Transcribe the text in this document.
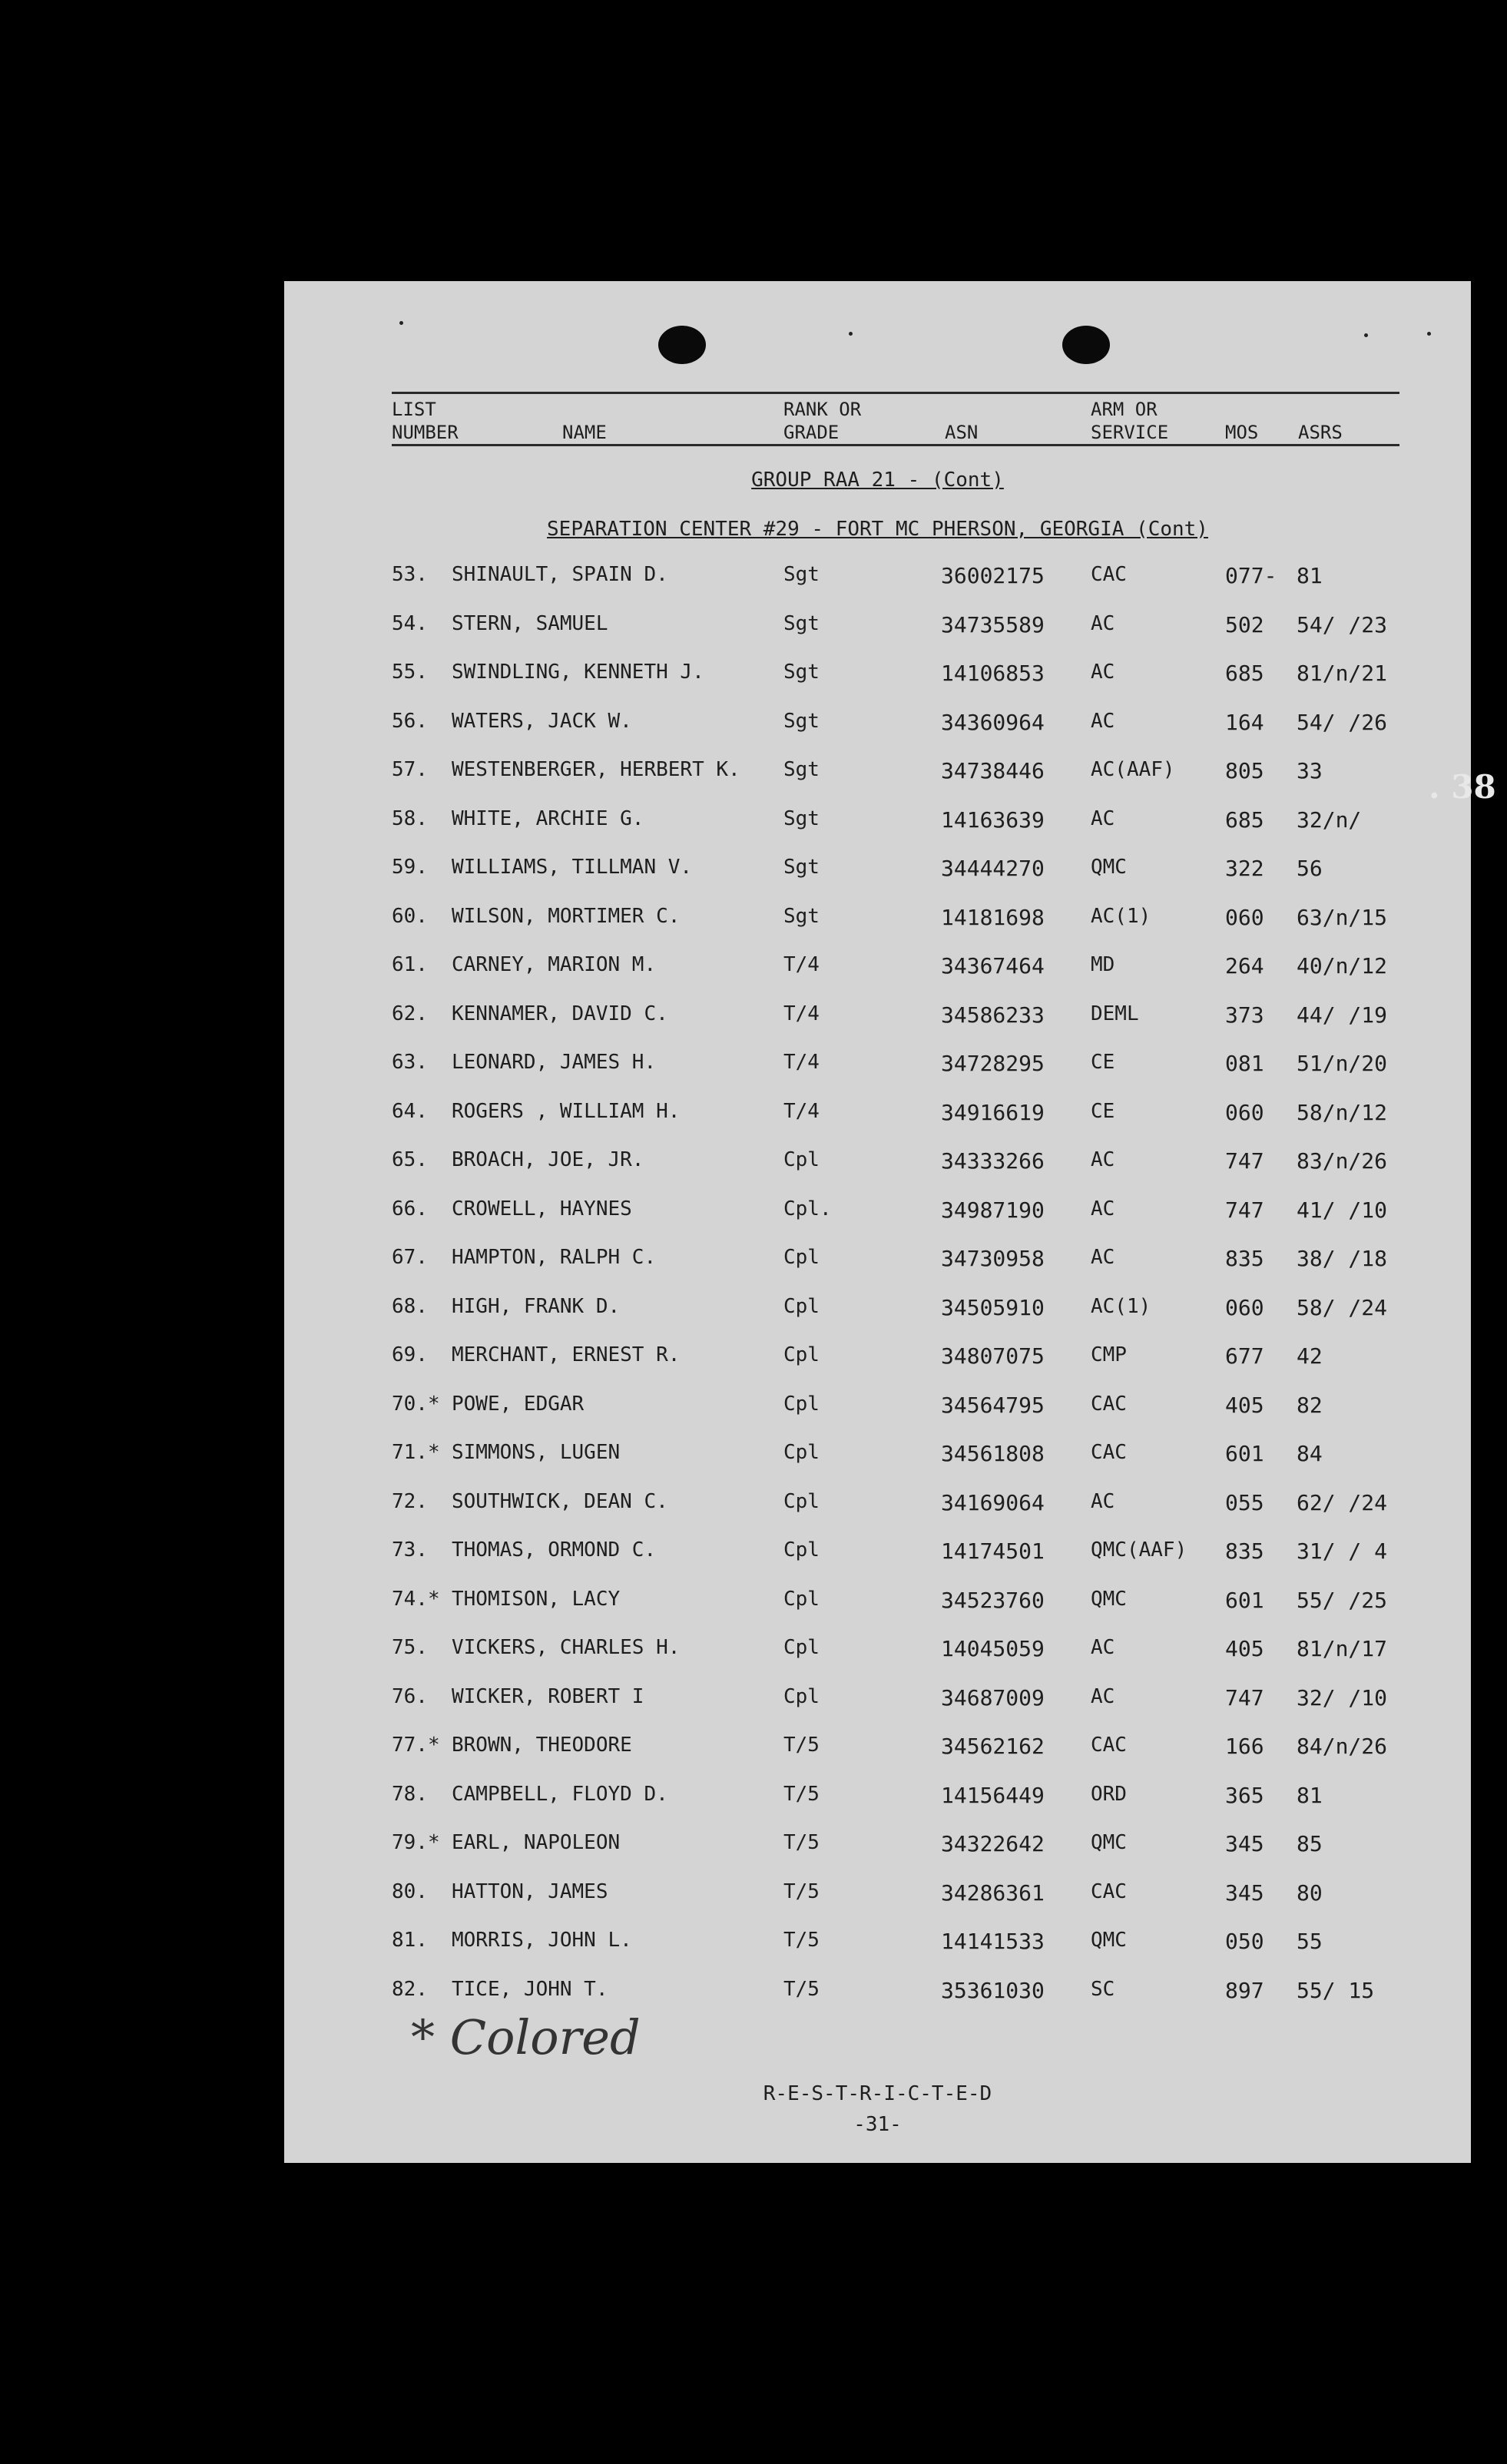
LIST
NUMBER	NAME
RANK OR
GRADE	ASN
ARM OR
SERVICE	MOS ASRS
GROUP RAA 21 - (Cont)
SEPARATION CENTER #29 - FORT MC PHERSON, GEORGIA (Cont)
53. SHINAULT, SPAIN D.	Sgt	36002175 CAC	077- 81
54. STERN, SAMUEL	Sgt	34735589 AC	502 54/ /23
55. SWINDLING, KENNETH J.	Sgt	14106853 AC	685 81/n/21
56. WATERS, JACK W.	Sgt	34360964 AC	164 54/ /26
57. WESTENBERGER, HERBERT K. Sgt	34738446 AC(AAF) 805 33
58. WHITE, ARCHIE G.	Sgt	14163639 AC	685 32/n/
59. WILLIAMS, TILLMAN V.	Sgt	34444270 QMC	322 56
60. WILSON, MORTIMER C.	Sgt	14181698 AC(1)	060 63/n/15
61. CARNEY, MARION M.	T/4	34367464 MD	264 40/n/12
62. KENNAMER, DAVID C.	T/4	34586233 DEML	373 44/ /19
63. LEONARD, JAMES H.	T/4	34728295 CE	081 51/n/20
64. ROGERS , WILLIAM H.	T/4	34916619 CE	060 58/n/12
65. BROACH, JOE, JR.	Cpl	34333266 AC	747 83/n/26
66. CROWELL, HAYNES	Cpl.	34987190 AC	747 41/ /10
67. HAMPTON, RALPH C.	Cpl	34730958 AC	835 38/ /18
68. HIGH, FRANK D.	Cpl	34505910 AC(1)	060 58/ /24
69. MERCHANT, ERNEST R.	Cpl	34807075 CMP	677 42
70.* POWE, EDGAR	Cpl	34564795 CAC	405 82
71.* SIMMONS, LUGEN	Cpl	34561808 CAC	601 84
72. SOUTHWICK, DEAN C.	Cpl	34169064 AC	055 62/ /24
73. THOMAS, ORMOND C.	Cpl	14174501 QMC(AAF) 835 31/ / 4
74.* THOMISON, LACY	Cpl	34523760 QMC	601 55/ /25
75. VICKERS, CHARLES H.	Cpl	14045059 AC	405 81/n/17
76. WICKER, ROBERT I	Cpl	34687009 AC	747 32/ /10
77.* BROWN, THEODORE	T/5	34562162 CAC	166 84/n/26
78. CAMPBELL, FLOYD D.	T/5	14156449 ORD	365 81
79.* EARL, NAPOLEON	T/5	34322642 QMC	345 85
80. HATTON, JAMES	T/5	34286361 CAC	345 80
81. MORRIS, JOHN L.	T/5	14141533 QMC	050 55
82. TICE, JOHN T.	T/5	35361030 SC	897 55/ 15
* Colored
R-E-S-T-R-I-C-T-E-D
-31-
. 38
